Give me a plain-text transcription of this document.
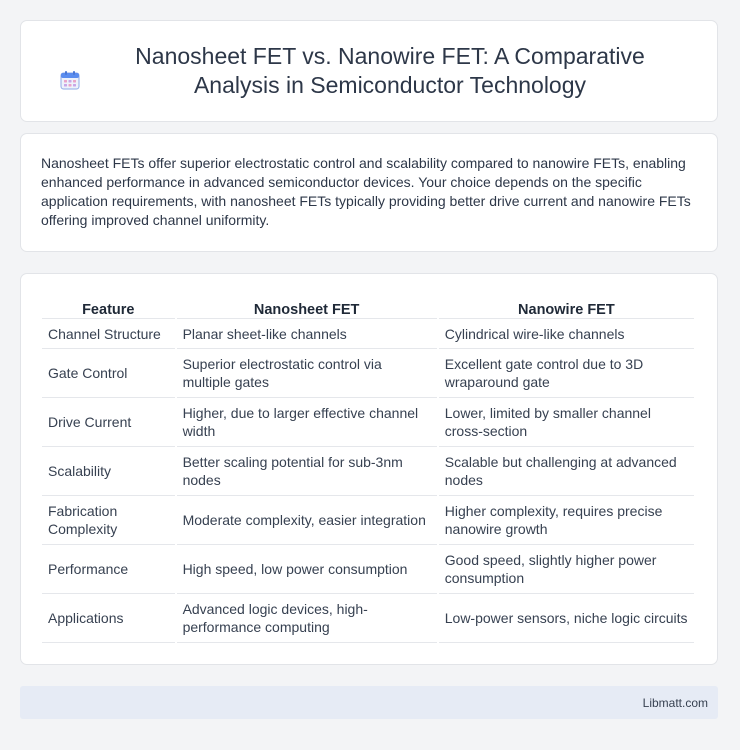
Nanosheet FET vs. Nanowire FET: A Comparative Analysis in Semiconductor Technology

Nanosheet FETs offer superior electrostatic control and scalability compared to nanowire FETs, enabling enhanced performance in advanced semiconductor devices. Your choice depends on the specific application requirements, with nanosheet FETs typically providing better drive current and nanowire FETs offering improved channel uniformity.

Feature	Nanosheet FET	Nanowire FET
Channel Structure	Planar sheet-like channels	Cylindrical wire-like channels
Gate Control	Superior electrostatic control via multiple gates	Excellent gate control due to 3D wraparound gate
Drive Current	Higher, due to larger effective channel width	Lower, limited by smaller channel cross-section
Scalability	Better scaling potential for sub-3nm nodes	Scalable but challenging at advanced nodes
Fabrication Complexity	Moderate complexity, easier integration	Higher complexity, requires precise nanowire growth
Performance	High speed, low power consumption	Good speed, slightly higher power consumption
Applications	Advanced logic devices, high-performance computing	Low-power sensors, niche logic circuits
Libmatt.com
